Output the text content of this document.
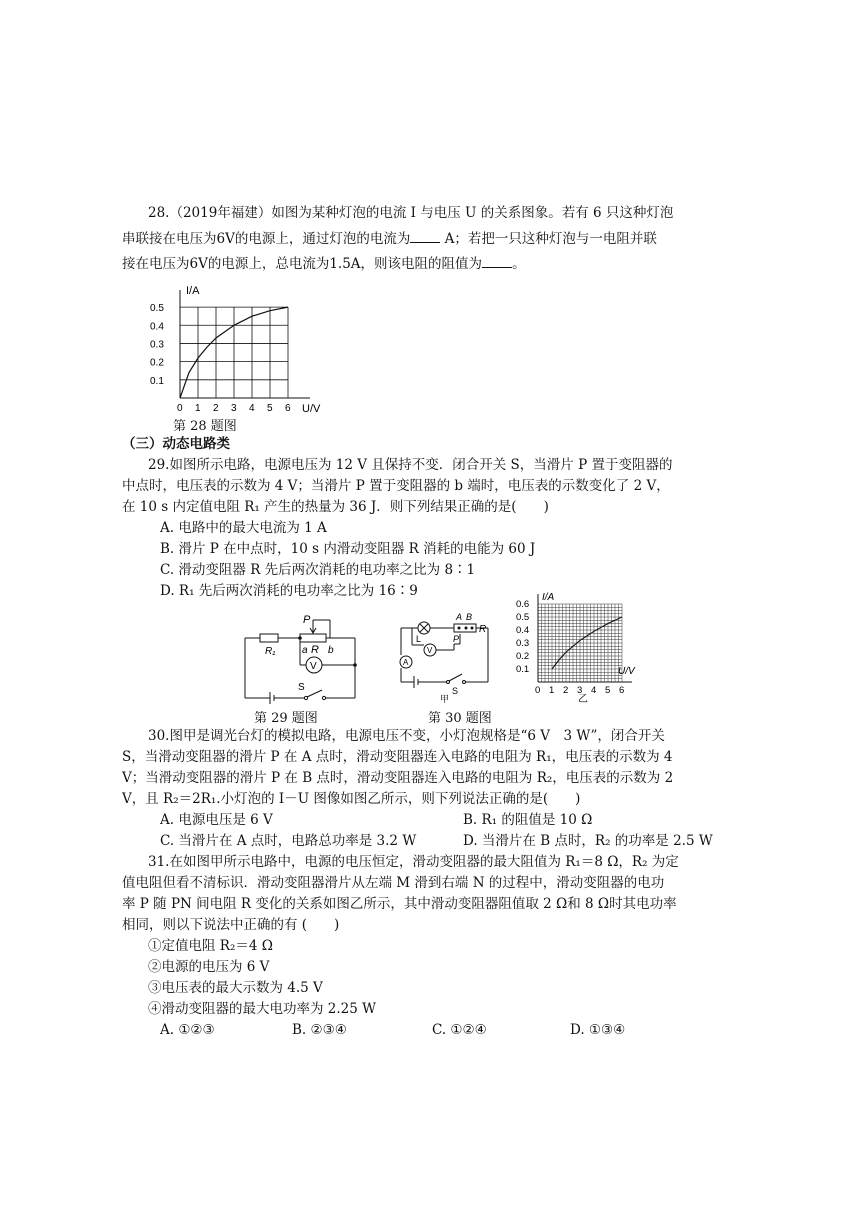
28.（2019年福建）如图为某种灯泡的电流 I 与电压 U 的关系图象。若有 6 只这种灯泡
串联接在电压为6V的电源上，通过灯泡的电流为 A；若把一只这种灯泡与一电阻并联
接在电压为6V的电源上，总电流为1.5A，则该电阻的阻值为 。
0 1 2 3 4 5 6
0.1
0.2
0.3
0.4
0.5
I/A
U/V
第 28 题图
（三）动态电路类
29.如图所示电路，电源电压为 12 V 且保持不变．闭合开关 S，当滑片 P 置于变阻器的
中点时，电压表的示数为 4 V；当滑片 P 置于变阻器的 b 端时，电压表的示数变化了 2 V，
在 10 s 内定值电阻 R₁ 产生的热量为 36 J．则下列结果正确的是(　　)
A. 电路中的最大电流为 1 A
B. 滑片 P 在中点时，10 s 内滑动变阻器 R 消耗的电能为 60 J
C. 滑动变阻器 R 先后两次消耗的电功率之比为 8∶1
D. R₁ 先后两次消耗的电功率之比为 16∶9
R₁
P
a R b
V
S
第 29 题图
A B
P
R
L
A
V
S
甲
第 30 题图
0 1 2 3 4 5 6
0.1
0.2
0.3
0.4
0.5
0.6
I/A
U/V
乙
30.图甲是调光台灯的模拟电路，电源电压不变，小灯泡规格是“6 V　3 W”，闭合开关
S，当滑动变阻器的滑片 P 在 A 点时，滑动变阻器连入电路的电阻为 R₁，电压表的示数为 4
V；当滑动变阻器的滑片 P 在 B 点时，滑动变阻器连入电路的电阻为 R₂，电压表的示数为 2
V，且 R₂＝2R₁.小灯泡的 I－U 图像如图乙所示，则下列说法正确的是(　　)
A. 电源电压是 6 V	B. R₁ 的阻值是 10 Ω
C. 当滑片在 A 点时，电路总功率是 3.2 W	D. 当滑片在 B 点时，R₂ 的功率是 2.5 W
31.在如图甲所示电路中，电源的电压恒定，滑动变阻器的最大阻值为 R₁＝8 Ω，R₂ 为定
值电阻但看不清标识．滑动变阻器滑片从左端 M 滑到右端 N 的过程中，滑动变阻器的电功
率 P 随 PN 间电阻 R 变化的关系如图乙所示，其中滑动变阻器阻值取 2 Ω和 8 Ω时其电功率
相同，则以下说法中正确的有 (　　)
①定值电阻 R₂＝4 Ω
②电源的电压为 6 V
③电压表的最大示数为 4.5 V
④滑动变阻器的最大电功率为 2.25 W
A. ①②③	B. ②③④	C. ①②④	D. ①③④
